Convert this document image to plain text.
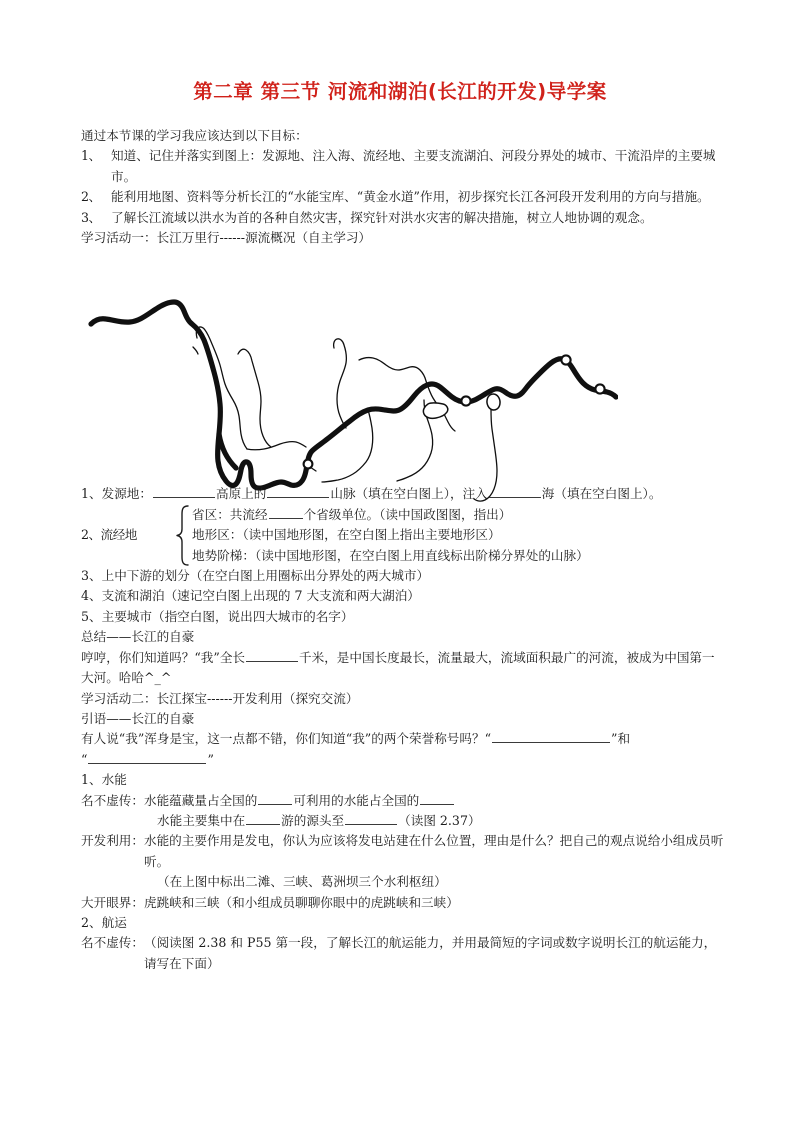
第二章 第三节 河流和湖泊(长江的开发)导学案
通过本节课的学习我应该达到以下目标：
1、 知道、记住并落实到图上：发源地、注入海、流经地、主要支流湖泊、河段分界处的城市、干流沿岸的主要城市。
2、 能利用地图、资料等分析长江的“水能宝库、“黄金水道”作用，初步探究长江各河段开发利用的方向与措施。
3、 了解长江流域以洪水为首的各种自然灾害，探究针对洪水灾害的解决措施，树立人地协调的观念。
学习活动一：长江万里行------源流概况（自主学习）
1、发源地：	高原上的	山脉（填在空白图上），注入	海（填在空白图上）。
2、流经地
省区：共流经	个省级单位。（读中国政图图，指出）
地形区：（读中国地形图，在空白图上指出主要地形区）
地势阶梯：（读中国地形图，在空白图上用直线标出阶梯分界处的山脉）
3、上中下游的划分（在空白图上用圈标出分界处的两大城市）
4、支流和湖泊（速记空白图上出现的 7 大支流和两大湖泊）
5、主要城市（指空白图，说出四大城市的名字）
总结——长江的自豪
哼哼，你们知道吗？“我”全长	千米，是中国长度最长，流量最大，流域面积最广的河流，被成为中国第一大河。哈哈^_^
学习活动二：长江探宝------开发利用（探究交流）
引语——长江的自豪
有人说“我”浑身是宝，这一点都不错，你们知道“我”的两个荣誉称号吗？“	”和
“	”
1、水能
名不虚传： 水能蕴藏量占全国的	可利用的水能占全国的
水能主要集中在	游的源头至	（读图 2.37）
开发利用： 水能的主要作用是发电，你认为应该将发电站建在什么位置，理由是什么？把自己的观点说给小组成员听听。
（在上图中标出二滩、三峡、葛洲坝三个水利枢纽）
大开眼界： 虎跳峡和三峡（和小组成员聊聊你眼中的虎跳峡和三峡）
2、航运
名不虚传： （阅读图 2.38 和 P55 第一段，了解长江的航运能力，并用最简短的字词或数字说明长江的航运能力，请写在下面）
